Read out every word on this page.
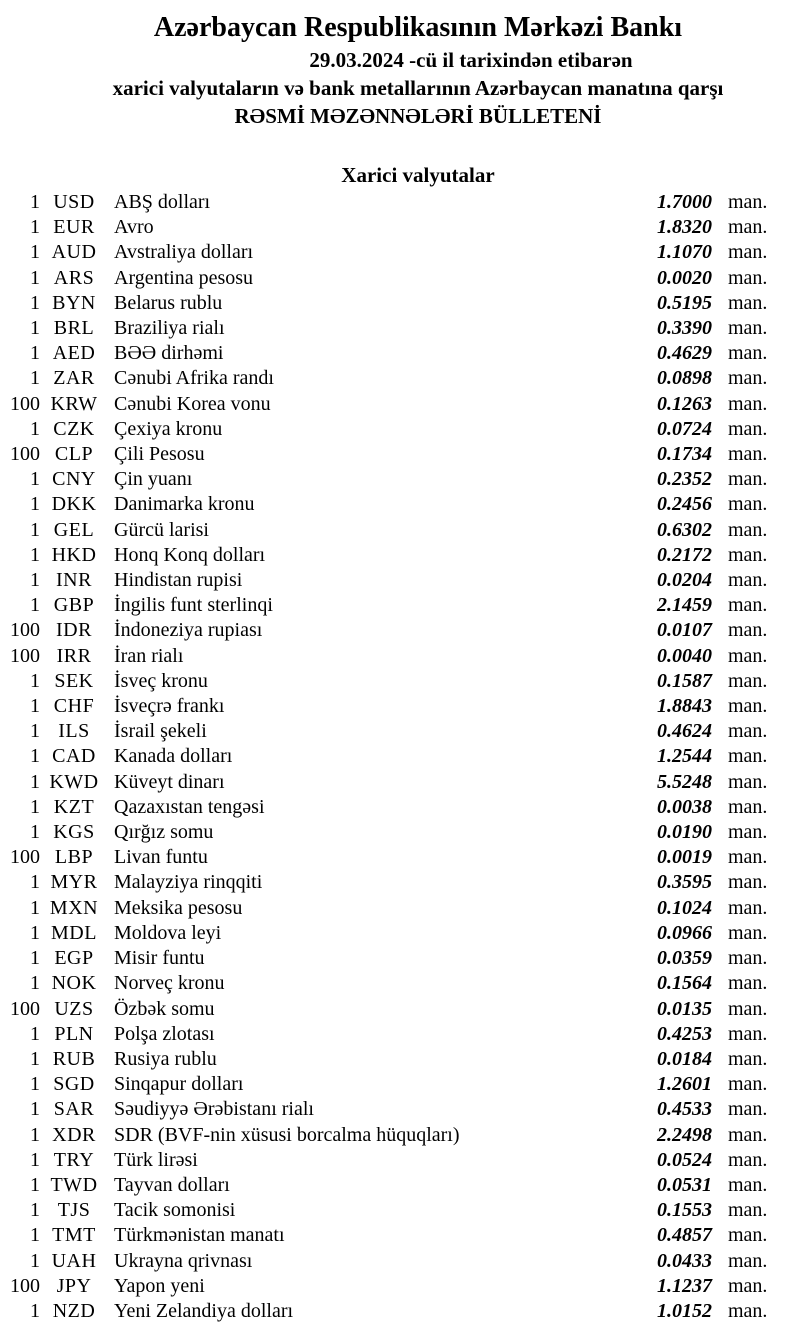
Azərbaycan Respublikasının Mərkəzi Bankı

29.03.2024 -cü il tarixindən etibarən

xarici valyutaların və bank metallarının Azərbaycan manatına qarşı

RƏSMİ MƏZƏNNƏLƏRİ BÜLLETENİ

Xarici valyutalar
1 USD ABŞ dolları	1.7000 man.
1 EUR Avro	1.8320 man.
1 AUD Avstraliya dolları	1.1070 man.
1 ARS Argentina pesosu	0.0020 man.
1 BYN Belarus rublu	0.5195 man.
1 BRL Braziliya rialı	0.3390 man.
1 AED BƏƏ dirhəmi	0.4629 man.
1 ZAR Cənubi Afrika randı	0.0898 man.
100 KRW Cənubi Korea vonu	0.1263 man.
1 CZK Çexiya kronu	0.0724 man.
100 CLP	Çili Pesosu	0.1734 man.
1 CNY Çin yuanı	0.2352 man.
1 DKK Danimarka kronu	0.2456 man.
1 GEL Gürcü larisi	0.6302 man.
1 HKD Honq Konq dolları	0.2172 man.
1 INR	Hindistan rupisi	0.0204 man.
1 GBP İngilis funt sterlinqi	2.1459 man.
100 IDR	İndoneziya rupiası	0.0107 man.
100 IRR	İran rialı	0.0040 man.
1 SEK	İsveç kronu	0.1587 man.
1 CHF İsveçrə frankı	1.8843 man.
1 ILS	İsrail şekeli	0.4624 man.
1 CAD Kanada dolları	1.2544 man.
1 KWD Küveyt dinarı	5.5248 man.
1 KZT Qazaxıstan tengəsi	0.0038 man.
1 KGS Qırğız somu	0.0190 man.
100 LBP	Livan funtu	0.0019 man.
1 MYR Malayziya rinqqiti	0.3595 man.
1 MXN Meksika pesosu	0.1024 man.
1 MDL Moldova leyi	0.0966 man.
1 EGP	Misir funtu	0.0359 man.
1 NOK Norveç kronu	0.1564 man.
100 UZS	Özbək somu	0.0135 man.
1 PLN	Polşa zlotası	0.4253 man.
1 RUB Rusiya rublu	0.0184 man.
1 SGD Sinqapur dolları	1.2601 man.
1 SAR Səudiyyə Ərəbistanı rialı	0.4533 man.
1 XDR SDR (BVF-nin xüsusi borcalma hüquqları)	2.2498 man.
1 TRY Türk lirəsi	0.0524 man.
1 TWD Tayvan dolları	0.0531 man.
1 TJS	Tacik somonisi	0.1553 man.
1 TMT Türkmənistan manatı	0.4857 man.
1 UAH Ukrayna qrivnası	0.0433 man.
100 JPY	Yapon yeni	1.1237 man.
1 NZD Yeni Zelandiya dolları	1.0152 man.
